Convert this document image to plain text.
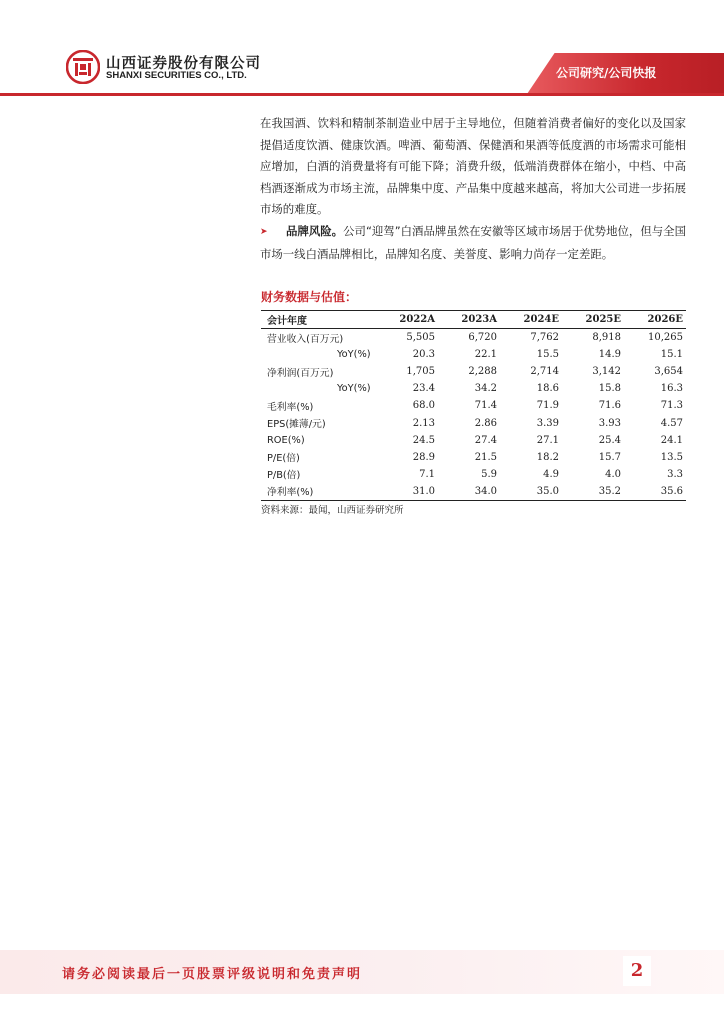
山西证券股份有限公司
SHANXI SECURITIES CO., LTD.	公司研究/公司快报
在我国酒、饮料和精制茶制造业中居于主导地位，但随着消费者偏好的变化以及国家提倡适度饮酒、健康饮酒。啤酒、葡萄酒、保健酒和果酒等低度酒的市场需求可能相应增加，白酒的消费量将有可能下降；消费升级，低端消费群体在缩小，中档、中高档酒逐渐成为市场主流，品牌集中度、产品集中度越来越高，将加大公司进一步拓展市场的难度。
➤ 品牌风险。公司“迎驾”白酒品牌虽然在安徽等区域市场居于优势地位，但与全国市场一线白酒品牌相比，品牌知名度、美誉度、影响力尚存一定差距。
财务数据与估值：
会计年度	2022A	2023A	2024E	2025E	2026E
营业收入(百万元)	5,505	6,720	7,762	8,918	10,265
YoY(%)	20.3	22.1	15.5	14.9	15.1
净利润(百万元)	1,705	2,288	2,714	3,142	3,654
YoY(%)	23.4	34.2	18.6	15.8	16.3
毛利率(%)	68.0	71.4	71.9	71.6	71.3
EPS(摊薄/元)	2.13	2.86	3.39	3.93	4.57
ROE(%)	24.5	27.4	27.1	25.4	24.1
P/E(倍)	28.9	21.5	18.2	15.7	13.5
P/B(倍)	7.1	5.9	4.9	4.0	3.3
净利率(%)	31.0	34.0	35.0	35.2	35.6
资料来源：最闻，山西证券研究所
请务必阅读最后一页股票评级说明和免责声明	2
